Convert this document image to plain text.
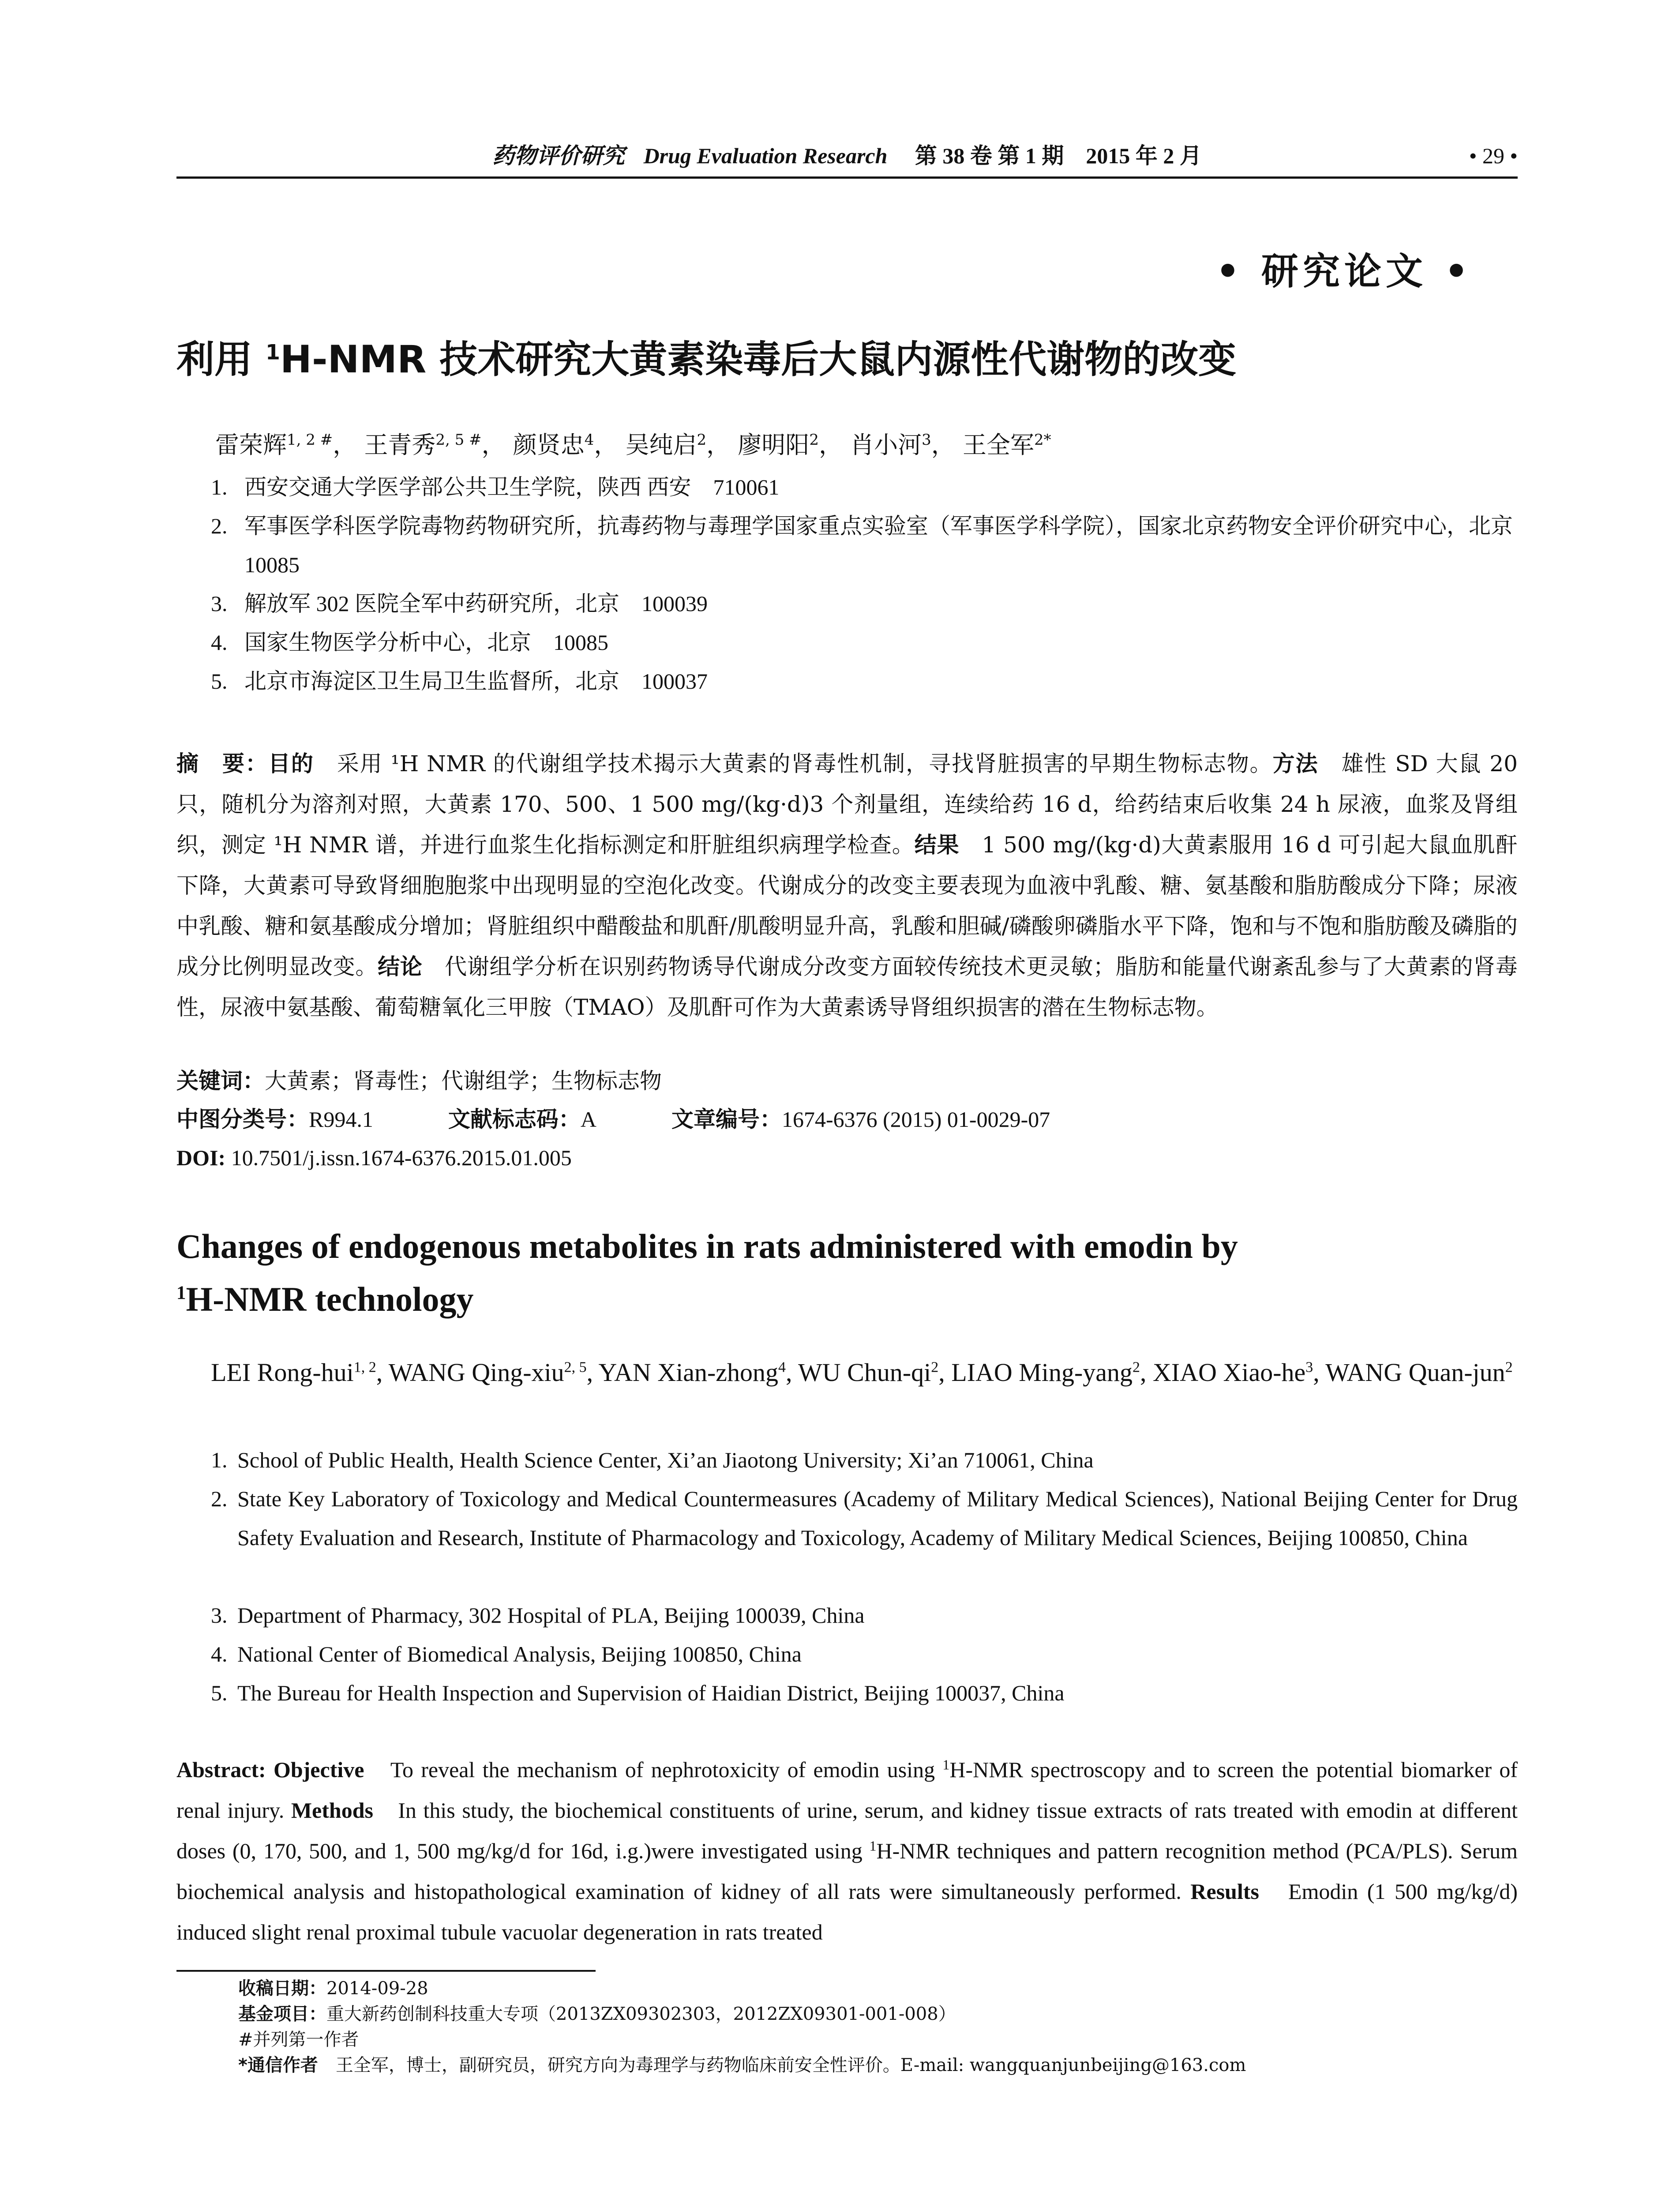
药物评价研究 Drug Evaluation Research 第 38 卷 第 1 期　2015 年 2 月	• 29 •
• 研究论文 •
利用 $^1$H-NMR 技术研究大黄素染毒后大鼠内源性代谢物的改变
雷荣辉$^{1, 2 \#}$， 王青秀$^{2, 5 \#}$， 颜贤忠$^4$， 吴纯启$^2$， 廖明阳$^2$， 肖小河$^3$， 王全军$^{2*}$
1. 西安交通大学医学部公共卫生学院，陕西 西安　710061
2. 军事医学科医学院毒物药物研究所，抗毒药物与毒理学国家重点实验室（军事医学科学院），国家北京药物安全评价研究中心，北京　10085
3. 解放军 302 医院全军中药研究所，北京　100039
4. 国家生物医学分析中心，北京　10085
5. 北京市海淀区卫生局卫生监督所，北京　100037
摘　要：目的　采用 ¹H NMR 的代谢组学技术揭示大黄素的肾毒性机制，寻找肾脏损害的早期生物标志物。方法　雄性 SD 大鼠 20 只，随机分为溶剂对照，大黄素 170、500、1 500 mg/(kg·d)3 个剂量组，连续给药 16 d，给药结束后收集 24 h 尿液，血浆及肾组织，测定 ¹H NMR 谱，并进行血浆生化指标测定和肝脏组织病理学检查。结果　1 500 mg/(kg·d)大黄素服用 16 d 可引起大鼠血肌酐下降，大黄素可导致肾细胞胞浆中出现明显的空泡化改变。代谢成分的改变主要表现为血液中乳酸、糖、氨基酸和脂肪酸成分下降；尿液中乳酸、糖和氨基酸成分增加；肾脏组织中醋酸盐和肌酐/肌酸明显升高，乳酸和胆碱/磷酸卵磷脂水平下降，饱和与不饱和脂肪酸及磷脂的成分比例明显改变。结论　代谢组学分析在识别药物诱导代谢成分改变方面较传统技术更灵敏；脂肪和能量代谢紊乱参与了大黄素的肾毒性，尿液中氨基酸、葡萄糖氧化三甲胺（TMAO）及肌酐可作为大黄素诱导肾组织损害的潜在生物标志物。
关键词：大黄素；肾毒性；代谢组学；生物标志物
中图分类号：R994.1	文献标志码：A	文章编号：1674-6376 (2015) 01-0029-07
DOI: 10.7501/j.issn.1674-6376.2015.01.005
Changes of endogenous metabolites in rats administered with emodin by
$^1$H-NMR technology
LEI Rong-hui$^{1, 2}$, WANG Qing-xiu$^{2, 5}$, YAN Xian-zhong$^4$, WU Chun-$qi^2$, LIAO Ming-yang$^2$, XIAO Xiao-$he^3$, WANG Quan-jun$^2$
1. School of Public Health, Health Science Center, Xi’an Jiaotong University; Xi’an 710061, China
2. State Key Laboratory of Toxicology and Medical Countermeasures (Academy of Military Medical Sciences), National Beijing Center for Drug Safety Evaluation and Research, Institute of Pharmacology and Toxicology, Academy of Military Medical Sciences, Beijing 100850, China
3. Department of Pharmacy, 302 Hospital of PLA, Beijing 100039, China
4. National Center of Biomedical Analysis, Beijing 100850, China
5. The Bureau for Health Inspection and Supervision of Haidian District, Beijing 100037, China
Abstract: Objective　To reveal the mechanism of nephrotoxicity of emodin using $^1$H-NMR spectroscopy and to screen the potential biomarker of renal injury. Methods　In this study, the biochemical constituents of urine, serum, and kidney tissue extracts of rats treated with emodin at different doses (0, 170, 500, and 1, 500 mg/kg/d for 16d, i.g.)were investigated using $^1$H-NMR techniques and pattern recognition method (PCA/PLS). Serum biochemical analysis and histopathological examination of kidney of all rats were simultaneously performed. Results　Emodin (1 500 mg/kg/d) induced slight renal proximal tubule vacuolar degeneration in rats treated
收稿日期：2014-09-28
基金项目：重大新药创制科技重大专项（2013ZX09302303，2012ZX09301-001-008）
#并列第一作者
*通信作者　王全军，博士，副研究员，研究方向为毒理学与药物临床前安全性评价。E-mail: wangquanjunbeijing@163.com
